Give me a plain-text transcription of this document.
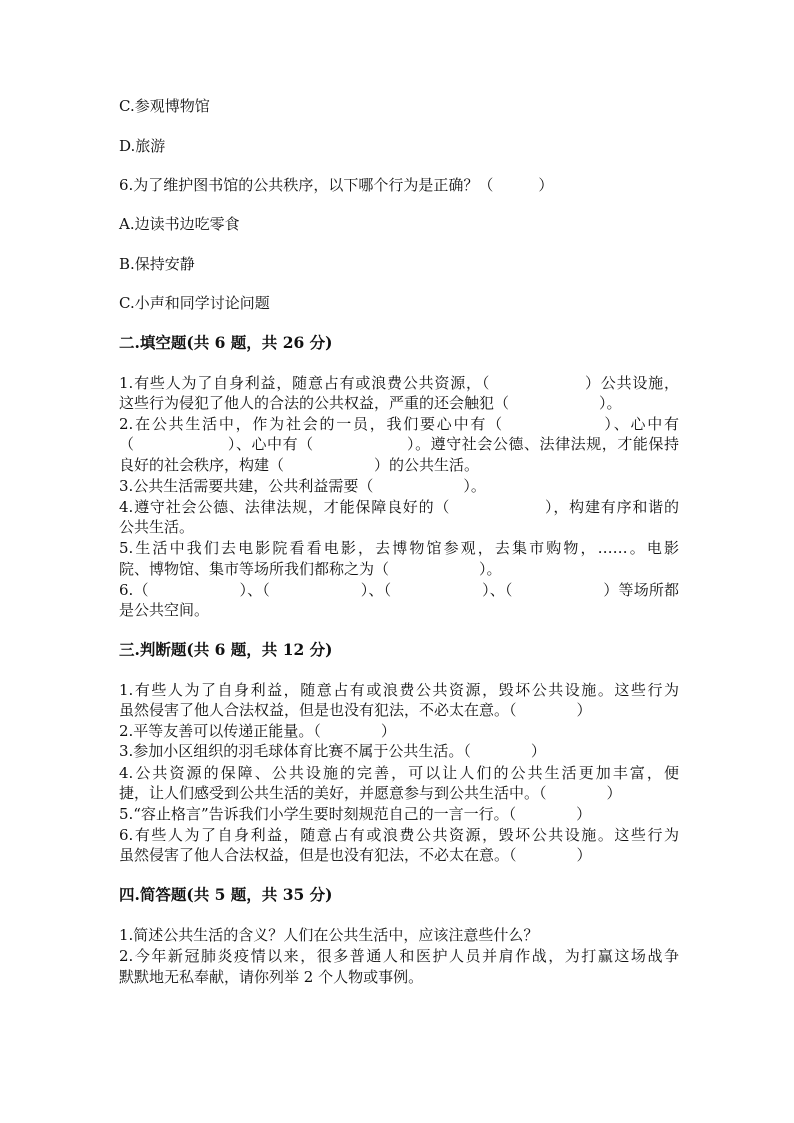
C.参观博物馆
D.旅游
6.为了维护图书馆的公共秩序，以下哪个行为是正确？（　　　）
A.边读书边吃零食
B.保持安静
C.小声和同学讨论问题
二.填空题(共 6 题，共 26 分)
1.有些人为了自身利益，随意占有或浪费公共资源，（　　　　　　）公共设施，
这些行为侵犯了他人的合法的公共权益，严重的还会触犯（　　　　　　）。
2.在公共生活中，作为社会的一员，我们要心中有（　　　　　　）、心中有
（　　　　　　）、心中有（　　　　　　）。遵守社会公德、法律法规，才能保持
良好的社会秩序，构建（　　　　　　）的公共生活。
3.公共生活需要共建，公共利益需要（　　　　　　）。
4.遵守社会公德、法律法规，才能保障良好的（　　　　　　），构建有序和谐的
公共生活。
5.生活中我们去电影院看看电影，去博物馆参观，去集市购物，……。电影
院、博物馆、集市等场所我们都称之为（　　　　　　）。
6.（　　　　　　）、（　　　　　　）、（　　　　　　）、（　　　　　　）等场所都
是公共空间。
三.判断题(共 6 题，共 12 分)
1.有些人为了自身利益，随意占有或浪费公共资源，毁坏公共设施。这些行为
虽然侵害了他人合法权益，但是也没有犯法，不必太在意。（　　　　）
2.平等友善可以传递正能量。（　　　　）
3.参加小区组织的羽毛球体育比赛不属于公共生活。（　　　　）
4.公共资源的保障、公共设施的完善，可以让人们的公共生活更加丰富，便
捷，让人们感受到公共生活的美好，并愿意参与到公共生活中。（　　　　）
5.“容止格言”告诉我们小学生要时刻规范自己的一言一行。（　　　　）
6.有些人为了自身利益，随意占有或浪费公共资源，毁坏公共设施。这些行为
虽然侵害了他人合法权益，但是也没有犯法，不必太在意。（　　　　）
四.简答题(共 5 题，共 35 分)
1.简述公共生活的含义？人们在公共生活中，应该注意些什么？
2.今年新冠肺炎疫情以来，很多普通人和医护人员并肩作战，为打赢这场战争
默默地无私奉献，请你列举 2 个人物或事例。
